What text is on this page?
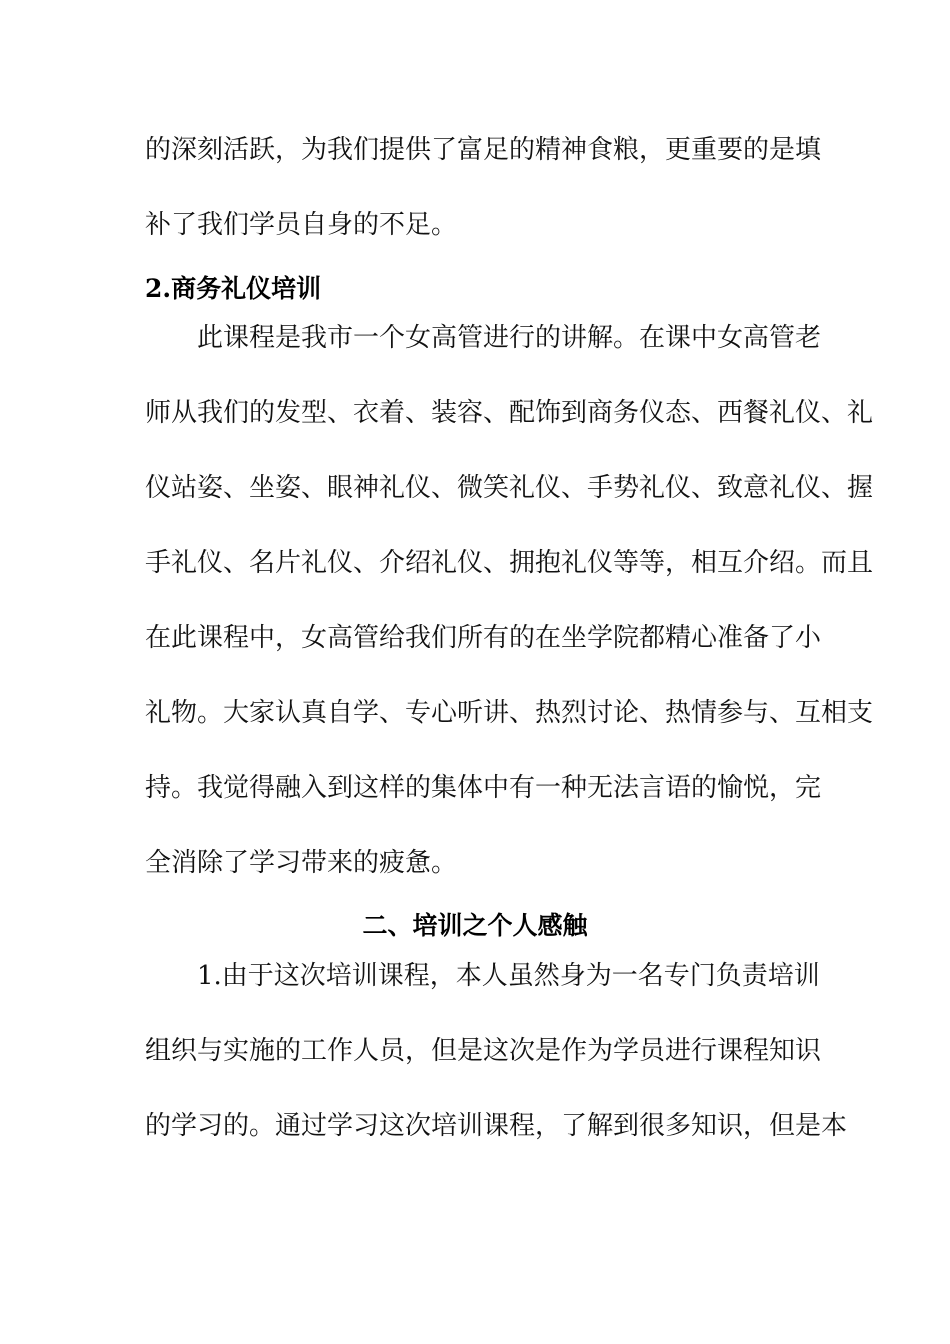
的深刻活跃，为我们提供了富足的精神食粮，更重要的是填
补了我们学员自身的不足。
2.商务礼仪培训
　　此课程是我市一个女高管进行的讲解。在课中女高管老
师从我们的发型、衣着、装容、配饰到商务仪态、西餐礼仪、礼
仪站姿、坐姿、眼神礼仪、微笑礼仪、手势礼仪、致意礼仪、握
手礼仪、名片礼仪、介绍礼仪、拥抱礼仪等等，相互介绍。而且
在此课程中，女高管给我们所有的在坐学院都精心准备了小
礼物。大家认真自学、专心听讲、热烈讨论、热情参与、互相支
持。我觉得融入到这样的集体中有一种无法言语的愉悦，完
全消除了学习带来的疲惫。
二、培训之个人感触
　　1.由于这次培训课程，本人虽然身为一名专门负责培训
组织与实施的工作人员，但是这次是作为学员进行课程知识
的学习的。通过学习这次培训课程，了解到很多知识，但是本
